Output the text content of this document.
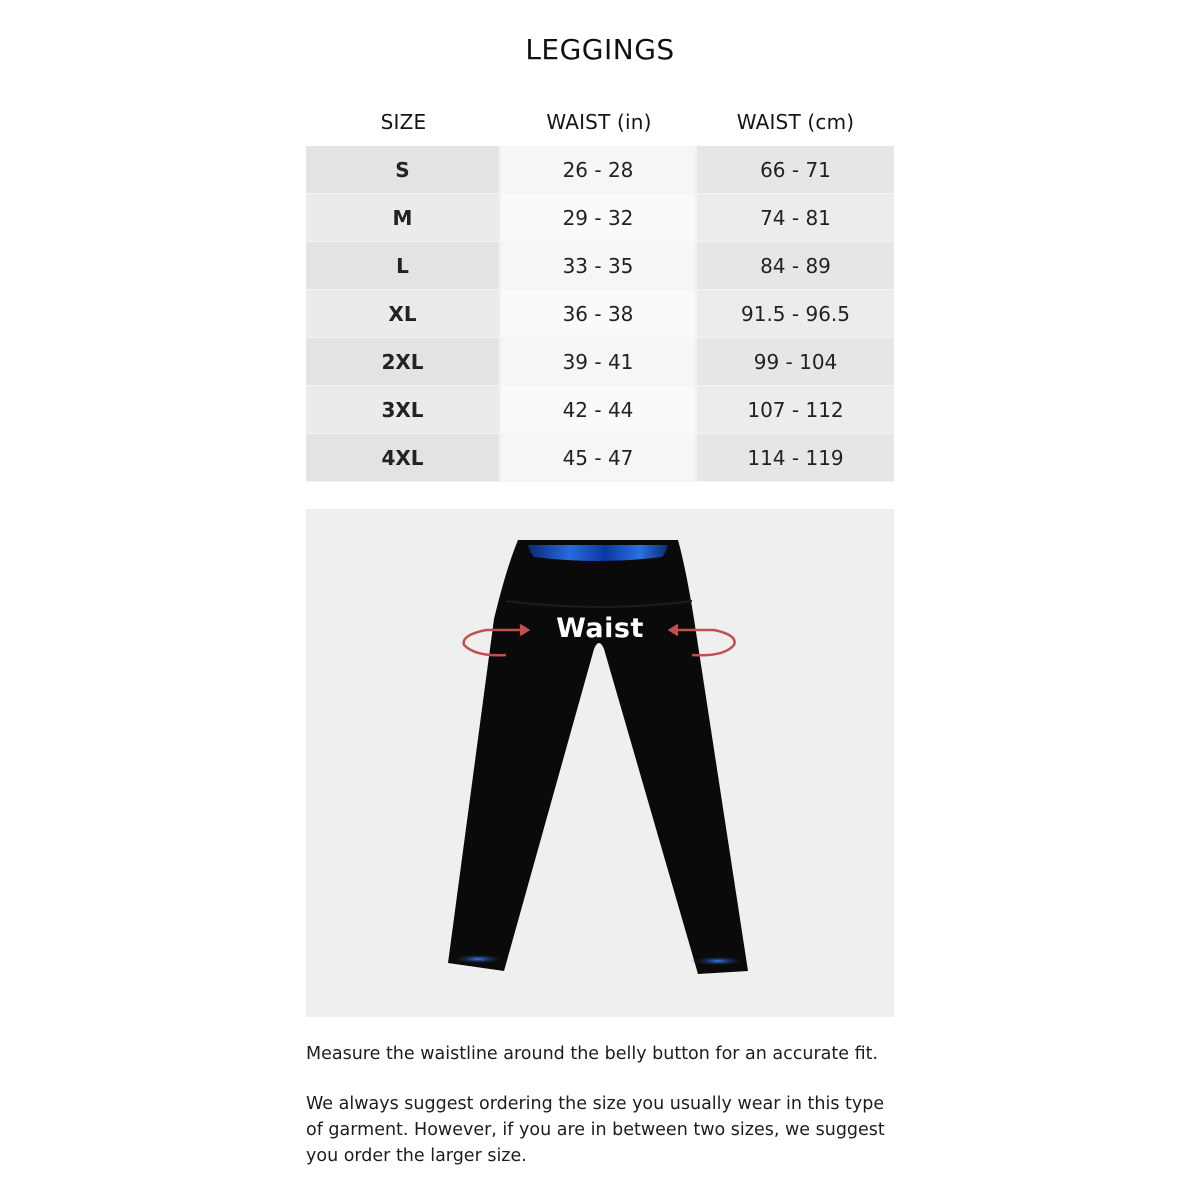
LEGGINGS
SIZE	WAIST (in)	WAIST (cm)
S	26 - 28	66 - 71
M	29 - 32	74 - 81
L	33 - 35	84 - 89
XL	36 - 38	91.5 - 96.5
2XL	39 - 41	99 - 104
3XL	42 - 44	107 - 112
4XL	45 - 47	114 - 119
Waist

Measure the waistline around the belly button for an accurate fit.

We always suggest ordering the size you usually wear in this type of garment. However, if you are in between two sizes, we suggest you order the larger size.
